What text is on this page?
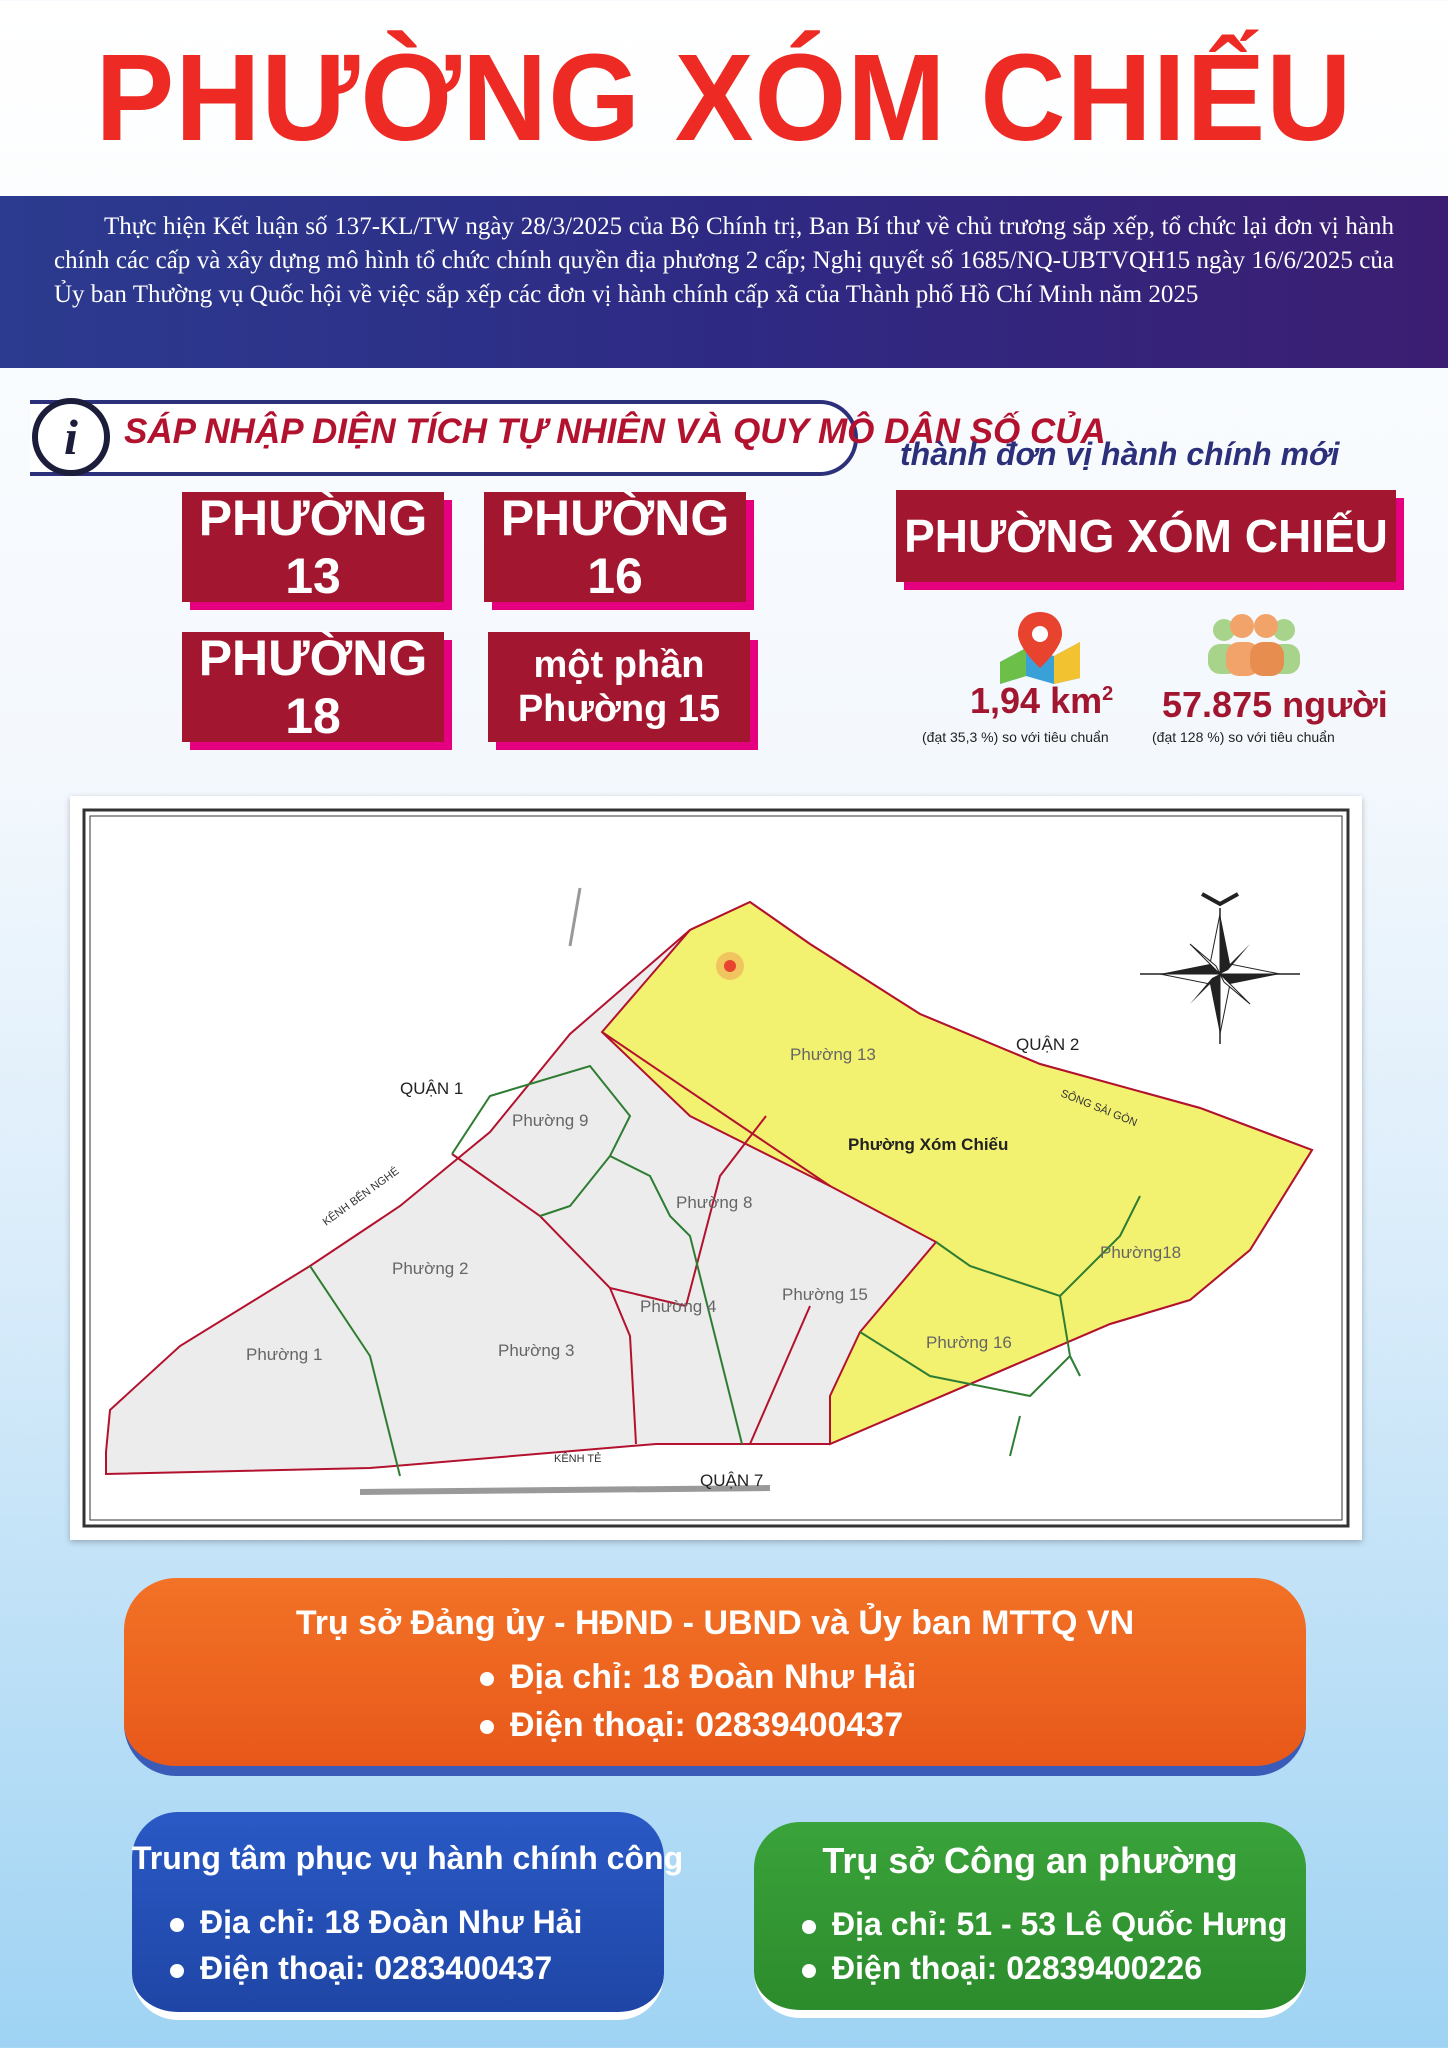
PHƯỜNG XÓM CHIẾU
Thực hiện Kết luận số 137-KL/TW ngày 28/3/2025 của Bộ Chính trị, Ban Bí thư về chủ trương sắp xếp, tổ chức lại đơn vị hành chính các cấp và xây dựng mô hình tổ chức chính quyền địa phương 2 cấp; Nghị quyết số 1685/NQ-UBTVQH15 ngày 16/6/2025 của Ủy ban Thường vụ Quốc hội về việc sắp xếp các đơn vị hành chính cấp xã của Thành phố Hồ Chí Minh năm 2025
i SÁP NHẬP DIỆN TÍCH TỰ NHIÊN VÀ QUY MÔ DÂN SỐ CỦA
PHƯỜNG 13
PHƯỜNG 16
PHƯỜNG 18
một phần
Phường 15
thành đơn vị hành chính mới
PHƯỜNG XÓM CHIẾU
1,94 $km^2$
(đạt 35,3 %) so với tiêu chuẩn
57.875 người
(đạt 128 %) so với tiêu chuẩn
QUẬN 1
QUẬN 2
QUẬN 7
KÊNH BẾN NGHÉ
SÔNG SÀI GÒN
KÊNH TẺ
Phường 1
Phường 2
Phường 3
Phường 4
Phường 8
Phường 9
Phường 13
Phường 15
Phường 16
Phường18
Phường Xóm Chiếu
Trụ sở Đảng ủy - HĐND - UBND và Ủy ban MTTQ VN
Địa chỉ: 18 Đoàn Như Hải
Điện thoại: 02839400437
Trung tâm phục vụ hành chính công
Địa chỉ: 18 Đoàn Như Hải
Điện thoại: 0283400437
Trụ sở Công an phường
Địa chỉ: 51 - 53 Lê Quốc Hưng
Điện thoại: 02839400226
